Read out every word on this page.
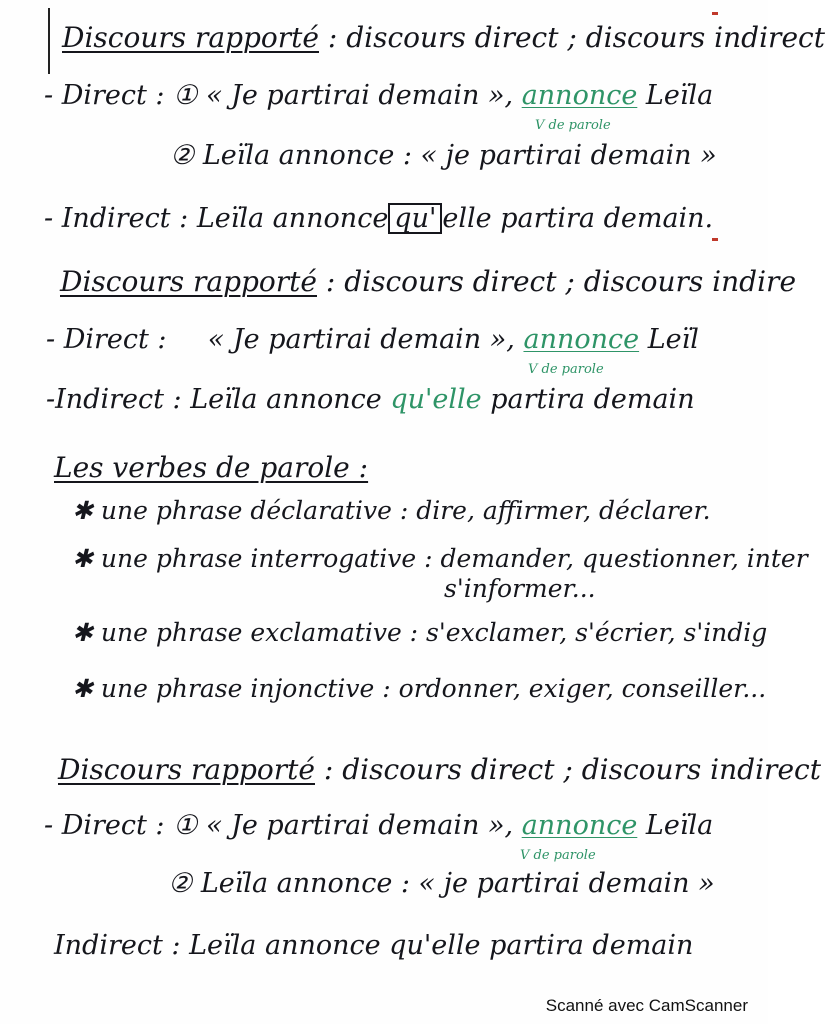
Discours rapporté : discours direct ; discours indirect
- Direct : ① « Je partirai demain », annonce Leïla
V de parole
② Leïla annonce : « je partirai demain »
- Indirect : Leïla annonce qu' elle partira demain.
Discours rapporté : discours direct ; discours indire
- Direct : « Je partirai demain », annonce Leïl
V de parole
-Indirect : Leïla annonce qu'elle partira demain
Les verbes de parole :
✱ une phrase déclarative : dire, affirmer, déclarer.
✱ une phrase interrogative : demander, questionner, inter
s'informer...
✱ une phrase exclamative : s'exclamer, s'écrier, s'indig
✱ une phrase injonctive : ordonner, exiger, conseiller...
Discours rapporté : discours direct ; discours indirect
- Direct : ① « Je partirai demain », annonce Leïla
V de parole
② Leïla annonce : « je partirai demain »
Indirect : Leïla annonce qu'elle partira demain
Scanné avec CamScanner
